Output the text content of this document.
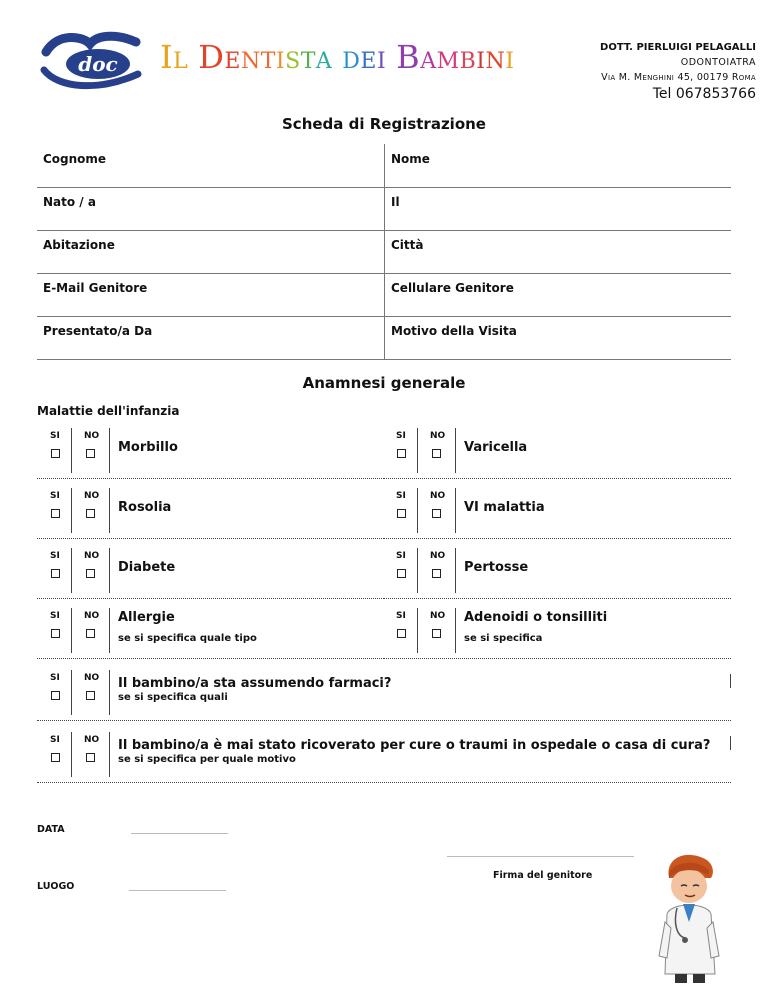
doc Il Dentista dei Bambini	DOTT. PIERLUIGI PELAGALLI
ODONTOIATRA
Via M. Menghini 45, 00179 Roma
Tel 067853766
Scheda di Registrazione
Cognome	Nome
Nato / a	Il
Abitazione	Città
E-Mail Genitore	Cellulare Genitore
Presentato/a Da	Motivo della Visita
Anamnesi generale
Malattie dell'infanzia
SI	NO
Morbillo
SI	NO
Varicella
SI	NO
Rosolia
SI	NO
VI malattia
SI	NO
Diabete
SI	NO
Pertosse
SI	NO Allergie
se si specifica quale tipo
SI	NO Adenoidi o tonsilliti
se si specifica
SI	NO Il bambino/a sta assumendo farmaci?
se si specifica quali
SI	NO Il bambino/a è mai stato ricoverato per cure o traumi in ospedale o casa di cura?
se si specifica per quale motivo
DATA
LUOGO
Firma del genitore
